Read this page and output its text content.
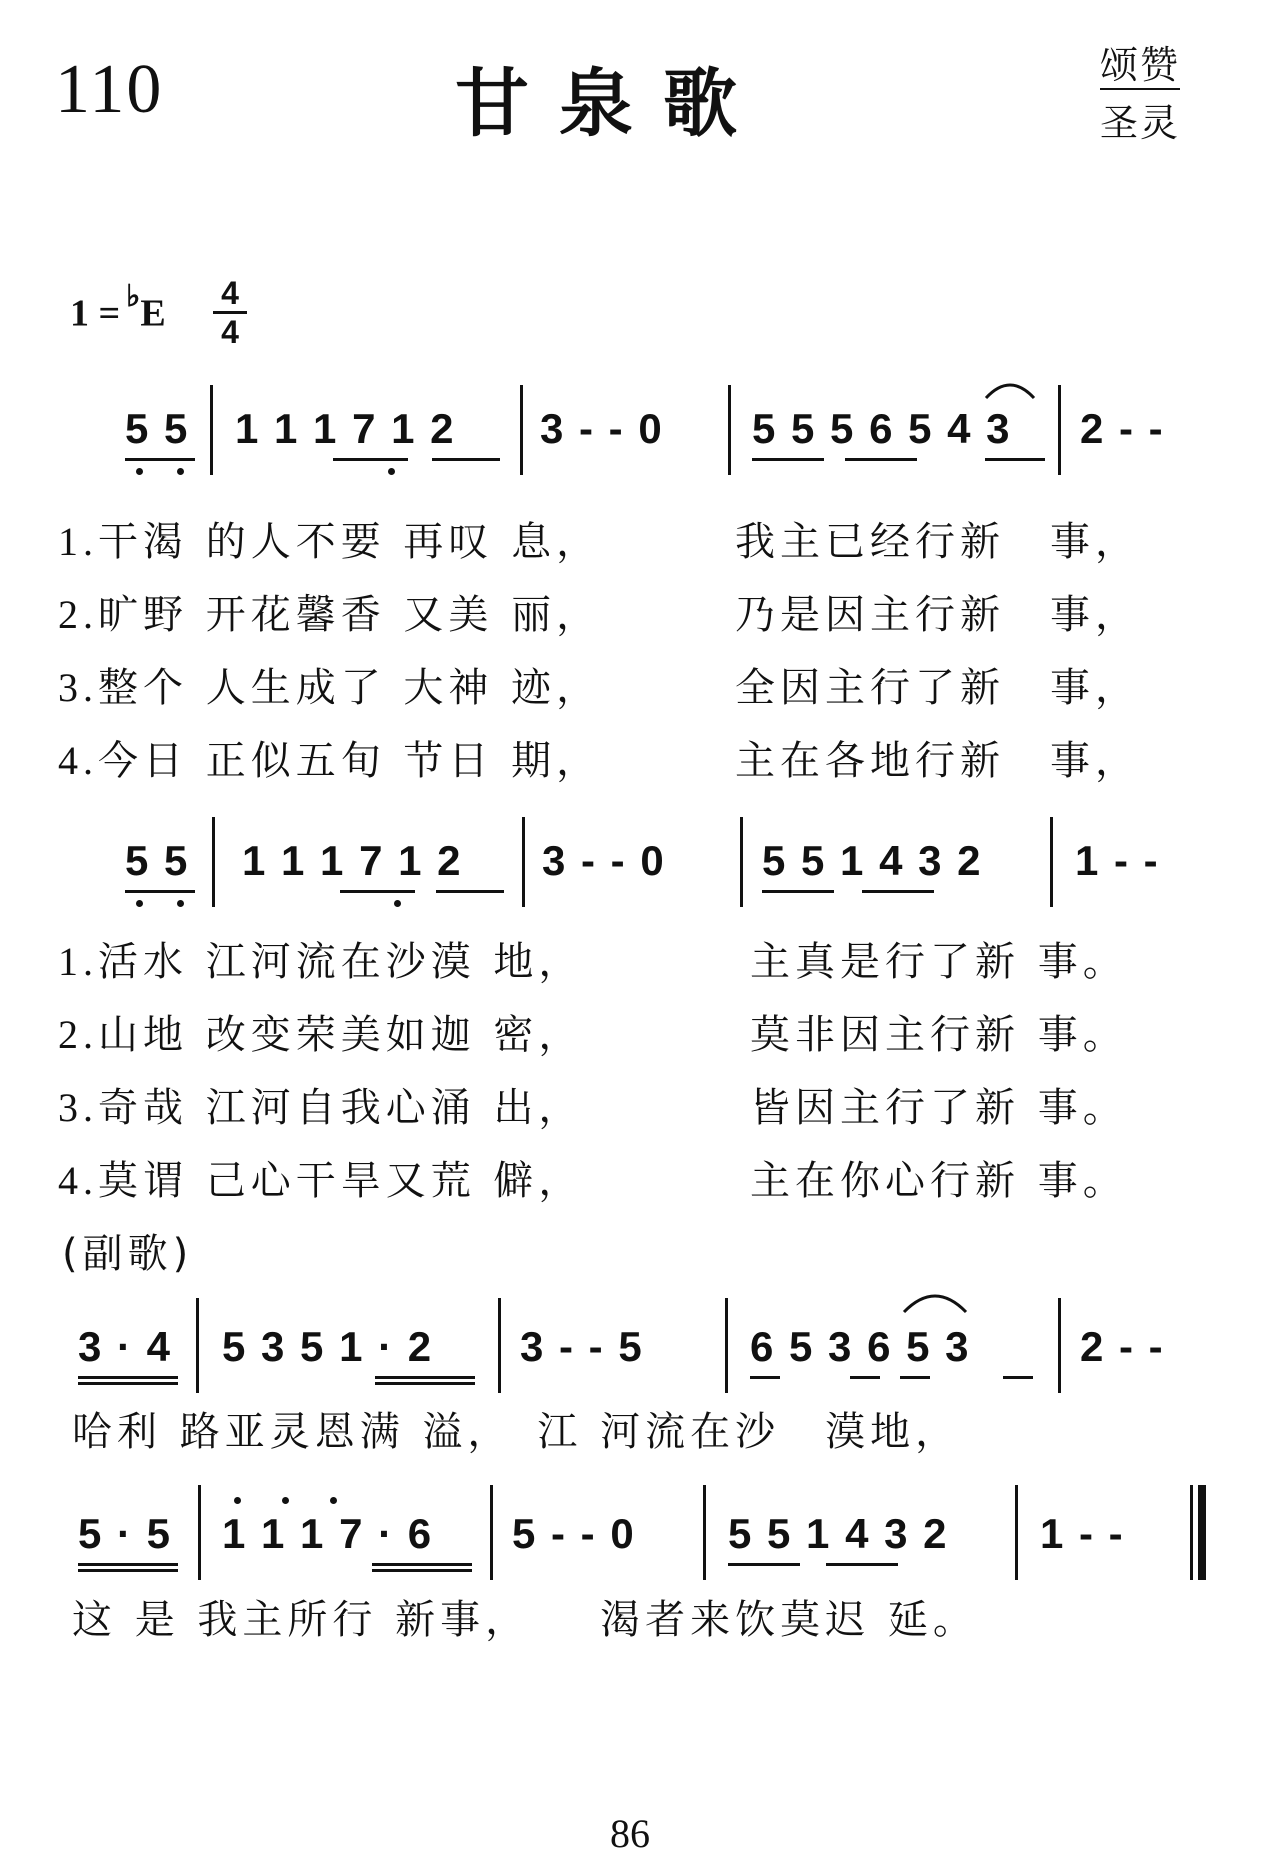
110	甘泉歌	颂赞
圣灵
1 = ♭E 4
4
5 5 1 1 1 7 1 2 3 - - 0 5 5 5 6 5 4 3 2 - -
1.干渴 的人不要 再叹 息，	我主已经行新　事，
2.旷野 开花馨香 又美 丽，	乃是因主行新　事，
3.整个 人生成了 大神 迹，	全因主行了新　事，
4.今日 正似五旬 节日 期，	主在各地行新　事，
5 5 1 1 1 7 1 2 3 - - 0 5 5 1 4 3 2 1 - -
1.活水 江河流在沙漠 地，	主真是行了新 事。
2.山地 改变荣美如迦 密，	莫非因主行新 事。
3.奇哉 江河自我心涌 出，	皆因主行了新 事。
4.莫谓 己心干旱又荒 僻，	主在你心行新 事。
(副歌)
3 · 4 5 3 5 1 · 2 3 - - 5	6 5 3 6 5 3	2 - -
哈利 路亚灵恩满 溢，　江 河流在沙　漠地，
5 · 5 1 1 1 7 · 6 5 - - 0 5 5 1 4 3 2 1 - -
这 是 我主所行 新事，　　渴者来饮莫迟 延。
86
